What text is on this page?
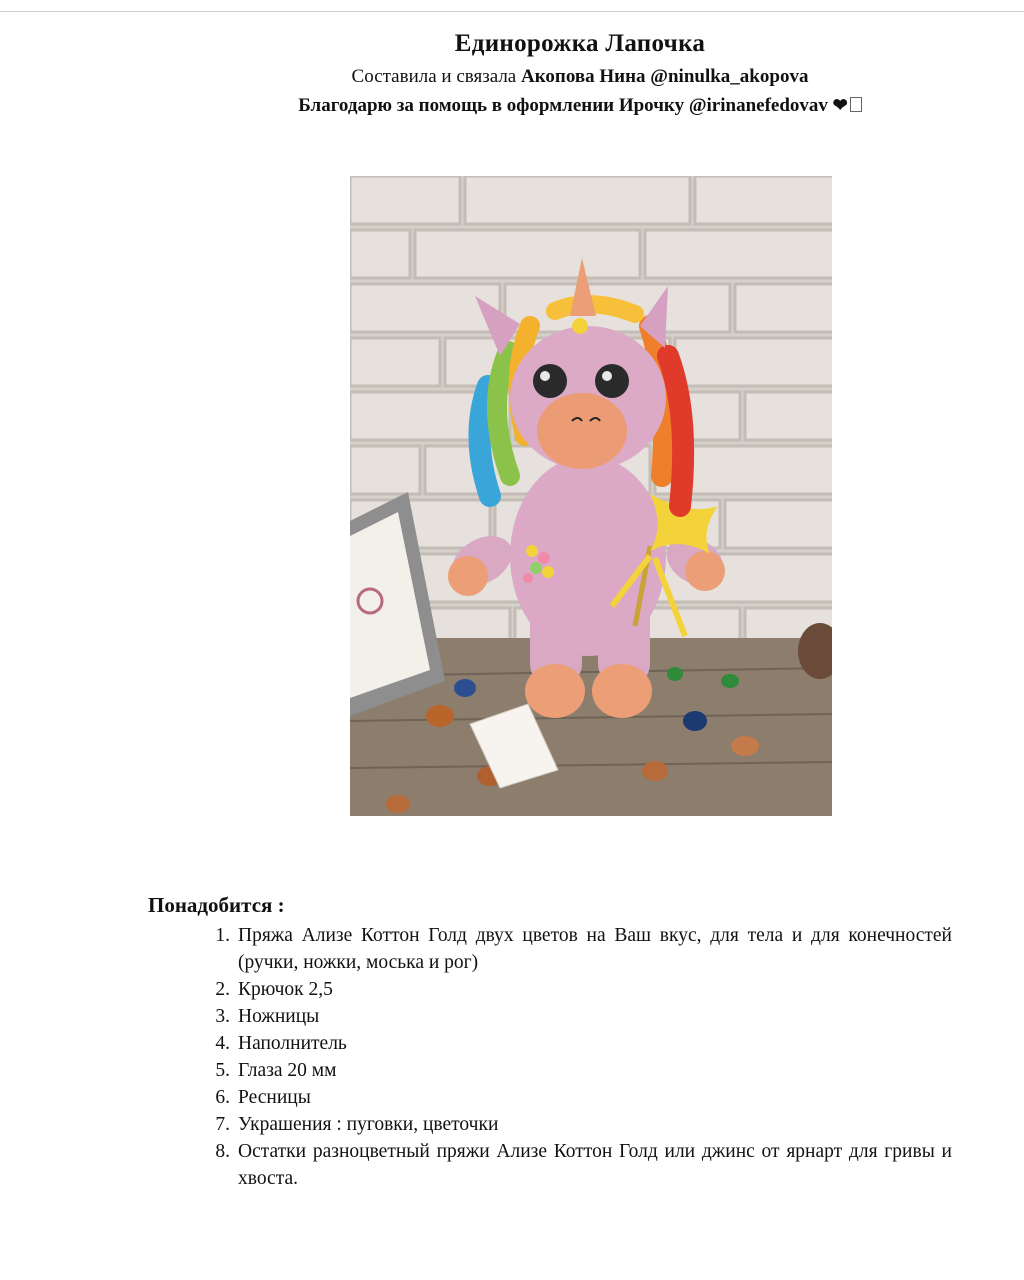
Единорожка Лапочка
Составила и связала Акопова Нина @ninulka_akopova
Благодарю за помощь в оформлении Ирочку @irinanefedovav ❤
Понадобится :
1. Пряжа Ализе Коттон Голд двух цветов на Ваш вкус, для тела и для конечностей (ручки, ножки, моська и рог)
2. Крючок 2,5
3. Ножницы
4. Наполнитель
5. Глаза 20 мм
6. Ресницы
7. Украшения : пуговки, цветочки
8. Остатки разноцветный пряжи Ализе Коттон Голд или джинс от ярнарт для гривы и хвоста.
